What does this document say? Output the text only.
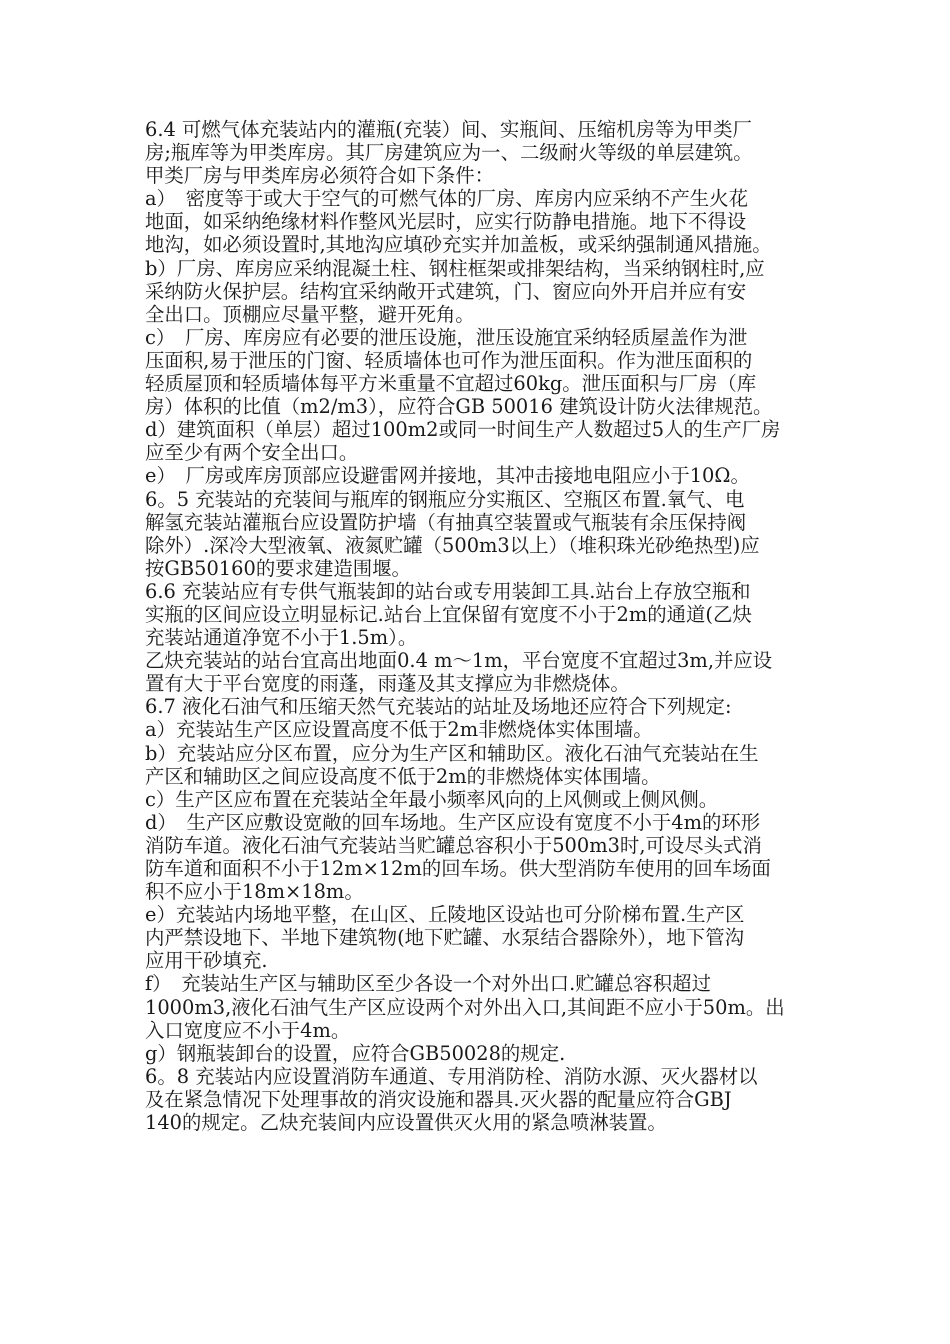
6.4 可燃气体充装站内的灌瓶(充装）间、实瓶间、压缩机房等为甲类厂
房;瓶库等为甲类库房。其厂房建筑应为一、二级耐火等级的单层建筑。
甲类厂房与甲类库房必须符合如下条件：
a）　密度等于或大于空气的可燃气体的厂房、库房内应采纳不产生火花
地面，如采纳绝缘材料作整风光层时，应实行防静电措施。地下不得设
地沟，如必须设置时,其地沟应填砂充实并加盖板，或采纳强制通风措施。
b）厂房、库房应采纳混凝土柱、钢柱框架或排架结构，当采纳钢柱时,应
采纳防火保护层。结构宜采纳敞开式建筑，门、窗应向外开启并应有安
全出口。顶棚应尽量平整，避开死角。
c）　厂房、库房应有必要的泄压设施，泄压设施宜采纳轻质屋盖作为泄
压面积,易于泄压的门窗、轻质墙体也可作为泄压面积。作为泄压面积的
轻质屋顶和轻质墙体每平方米重量不宜超过60kg。泄压面积与厂房（库
房）体积的比值（m2/m3），应符合GB 50016 建筑设计防火法律规范。
d）建筑面积（单层）超过100m2或同一时间生产人数超过5人的生产厂房
应至少有两个安全出口。
e）　厂房或库房顶部应设避雷网并接地，其冲击接地电阻应小于10Ω。
6。5 充装站的充装间与瓶库的钢瓶应分实瓶区、空瓶区布置.氧气、电
解氢充装站灌瓶台应设置防护墙（有抽真空装置或气瓶装有余压保持阀
除外）.深冷大型液氧、液氮贮罐（500m3以上）（堆积珠光砂绝热型)应
按GB50160的要求建造围堰。
6.6 充装站应有专供气瓶装卸的站台或专用装卸工具.站台上存放空瓶和
实瓶的区间应设立明显标记.站台上宜保留有宽度不小于2m的通道(乙炔
充装站通道净宽不小于1.5m）。
乙炔充装站的站台宜高出地面0.4 m～1m，平台宽度不宜超过3m,并应设
置有大于平台宽度的雨蓬，雨蓬及其支撑应为非燃烧体。
6.7 液化石油气和压缩天然气充装站的站址及场地还应符合下列规定:
a）充装站生产区应设置高度不低于2m非燃烧体实体围墙。
b）充装站应分区布置，应分为生产区和辅助区。液化石油气充装站在生
产区和辅助区之间应设高度不低于2m的非燃烧体实体围墙。
c）生产区应布置在充装站全年最小频率风向的上风侧或上侧风侧。
d）　生产区应敷设宽敞的回车场地。生产区应设有宽度不小于4m的环形
消防车道。液化石油气充装站当贮罐总容积小于500m3时,可设尽头式消
防车道和面积不小于12m×12m的回车场。供大型消防车使用的回车场面
积不应小于18m×18m。
e）充装站内场地平整，在山区、丘陵地区设站也可分阶梯布置.生产区
内严禁设地下、半地下建筑物(地下贮罐、水泵结合器除外），地下管沟
应用干砂填充.
f）　充装站生产区与辅助区至少各设一个对外出口.贮罐总容积超过
1000m3,液化石油气生产区应设两个对外出入口,其间距不应小于50m。出
入口宽度应不小于4m。
g）钢瓶装卸台的设置，应符合GB50028的规定.
6。8 充装站内应设置消防车通道、专用消防栓、消防水源、灭火器材以
及在紧急情况下处理事故的消灾设施和器具.灭火器的配量应符合GBJ
140的规定。乙炔充装间内应设置供灭火用的紧急喷淋装置。
